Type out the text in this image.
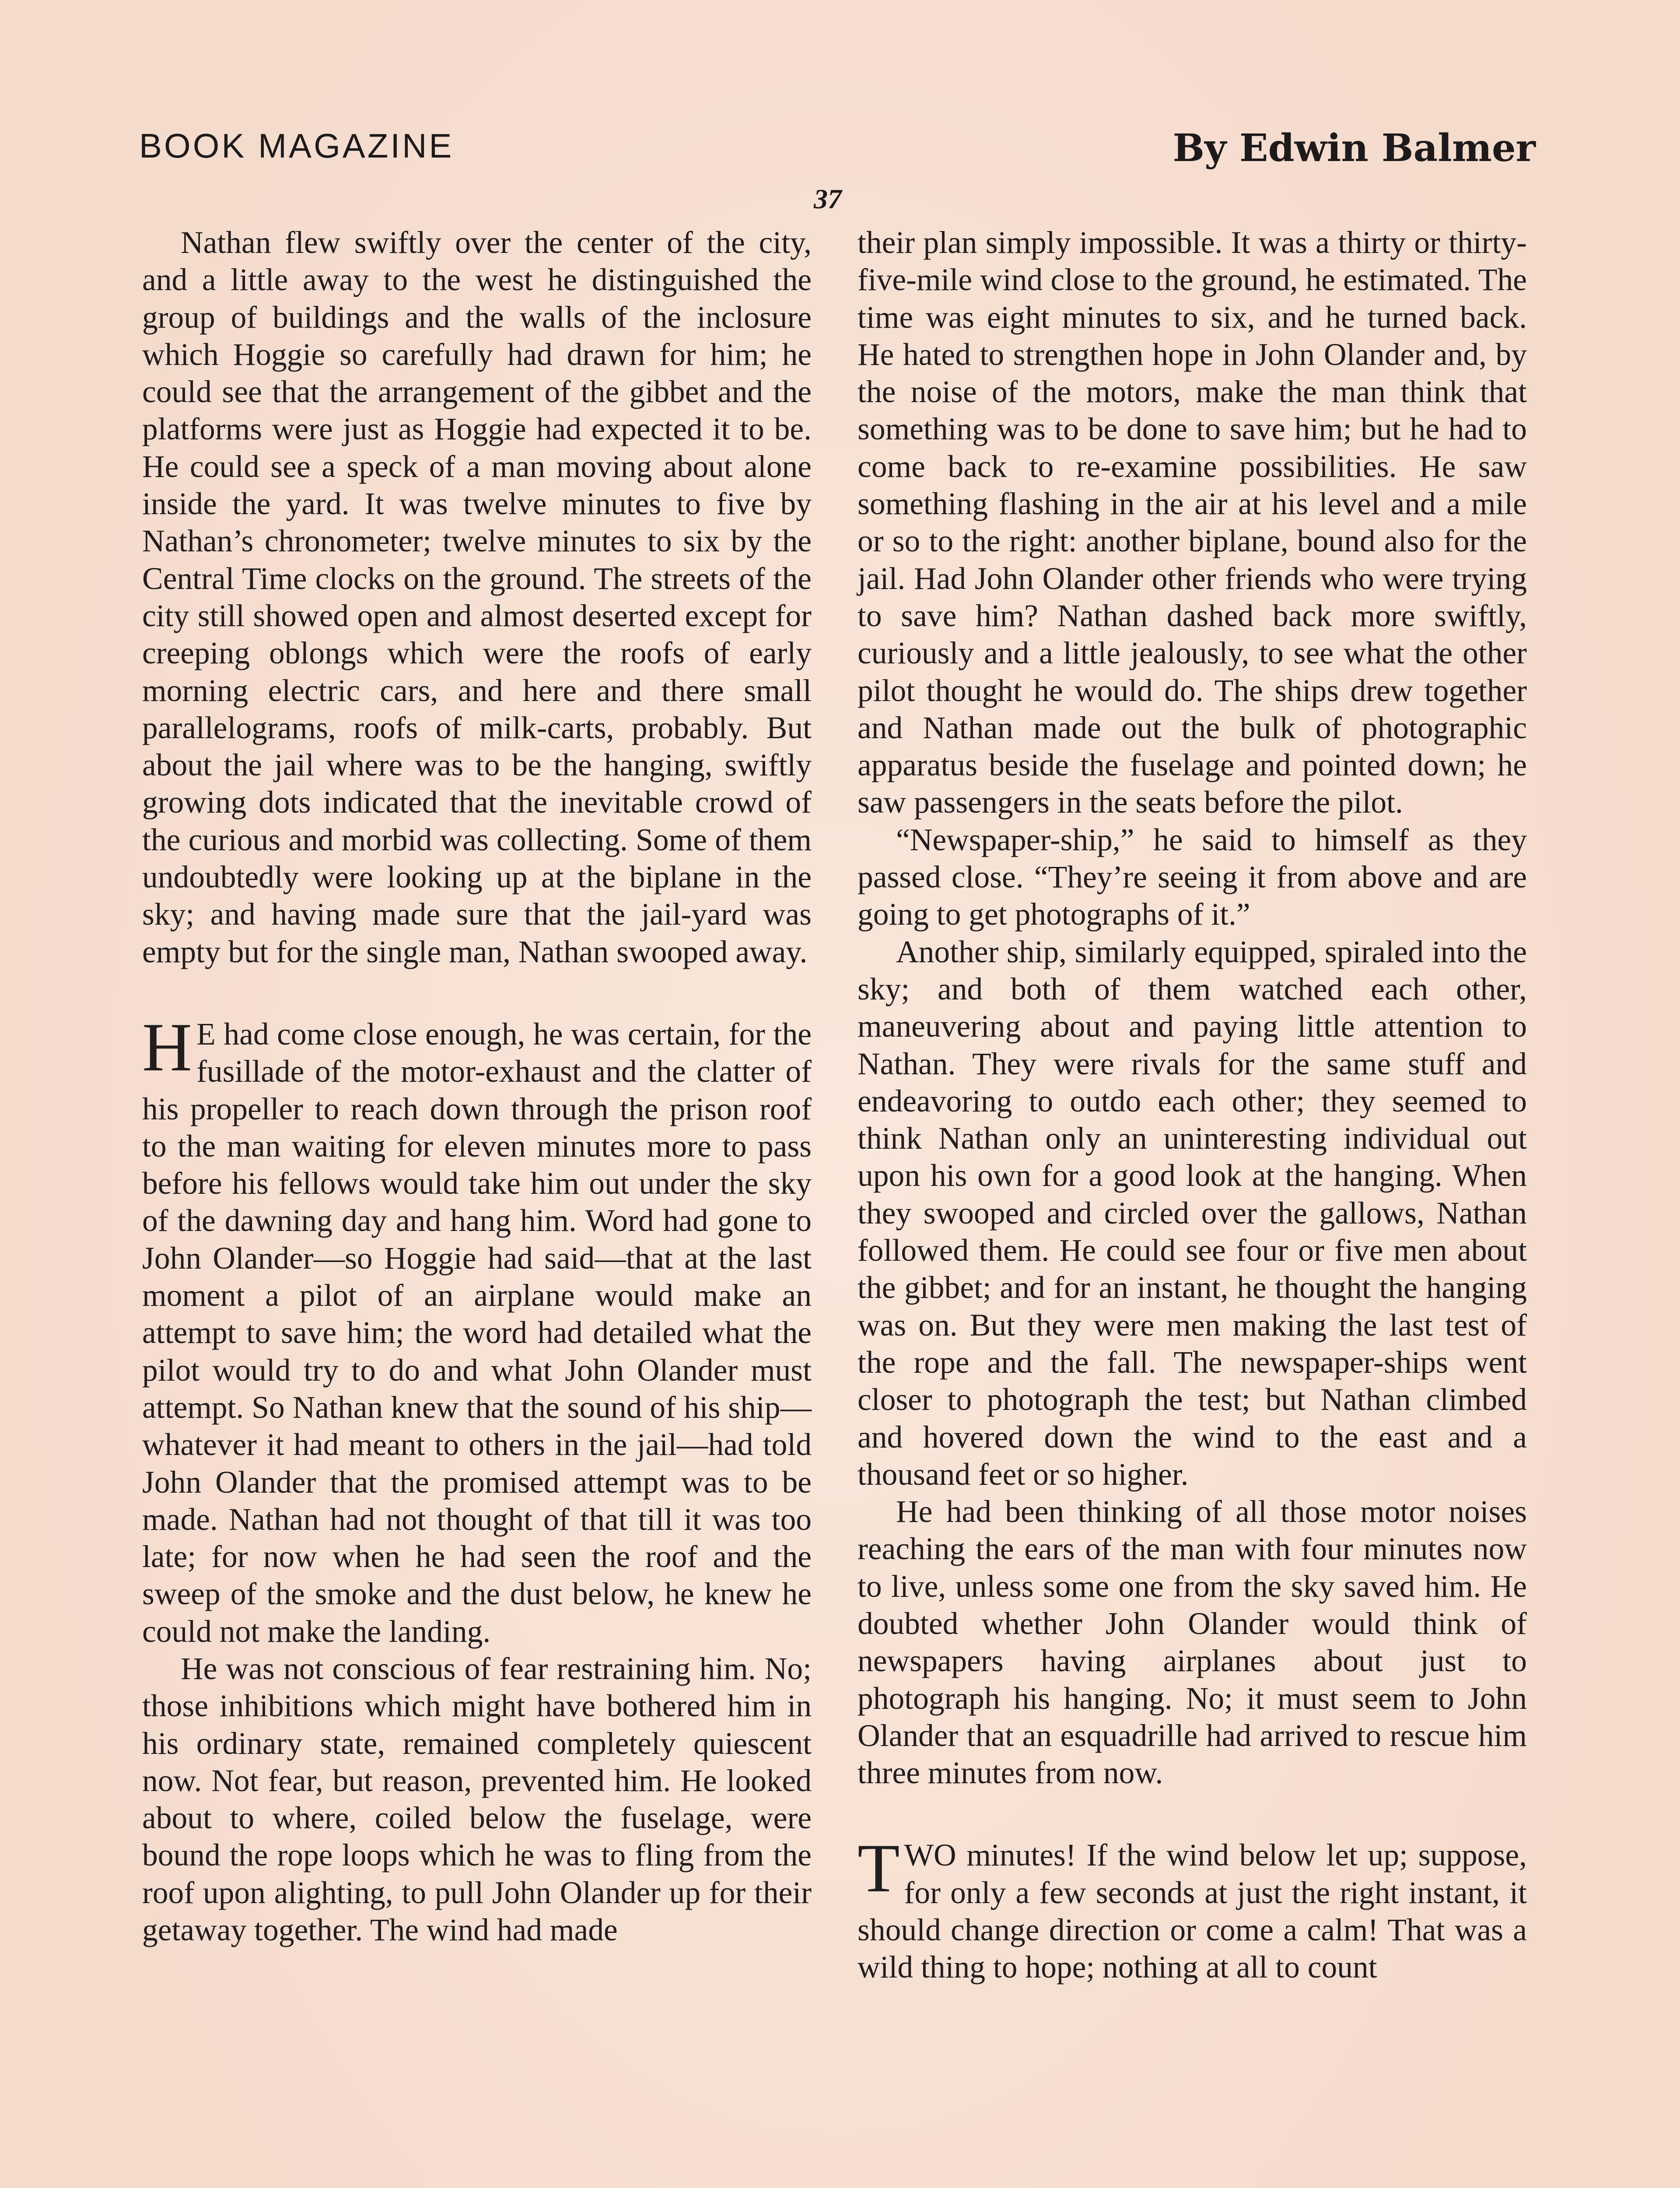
BOOK MAGAZINE	By Edwin Balmer
37

Nathan flew swiftly over the center of the city, and a little away to the west he distinguished the group of buildings and the walls of the inclosure which Hoggie so carefully had drawn for him; he could see that the arrangement of the gibbet and the platforms were just as Hoggie had expected it to be. He could see a speck of a man moving about alone inside the yard. It was twelve minutes to five by Nathan’s chronometer; twelve minutes to six by the Central Time clocks on the ground. The streets of the city still showed open and almost deserted except for creeping oblongs which were the roofs of early morning electric cars, and here and there small parallelograms, roofs of milk-carts, probably. But about the jail where was to be the hanging, swiftly growing dots indicated that the inevitable crowd of the curious and morbid was collecting. Some of them undoubtedly were looking up at the biplane in the sky; and having made sure that the jail-yard was empty but for the single man, Nathan swooped away.

H E had come close enough, he was certain, for the fusillade of the motor-exhaust and the clatter of his propeller to reach down through the prison roof to the man waiting for eleven minutes more to pass before his fellows would take him out under the sky of the dawning day and hang him. Word had gone to John Olander—so Hoggie had said—that at the last moment a pilot of an airplane would make an attempt to save him; the word had detailed what the pilot would try to do and what John Olander must attempt. So Nathan knew that the sound of his ship—whatever it had meant to others in the jail—had told John Olander that the promised attempt was to be made. Nathan had not thought of that till it was too late; for now when he had seen the roof and the sweep of the smoke and the dust below, he knew he could not make the landing.

He was not conscious of fear restraining him. No; those inhibitions which might have bothered him in his ordinary state, remained completely quiescent now. Not fear, but reason, prevented him. He looked about to where, coiled below the fuselage, were bound the rope loops which he was to fling from the roof upon alighting, to pull John Olander up for their getaway together. The wind had made

their plan simply impossible. It was a thirty or thirty-five-mile wind close to the ground, he estimated. The time was eight minutes to six, and he turned back. He hated to strengthen hope in John Olander and, by the noise of the motors, make the man think that something was to be done to save him; but he had to come back to re-examine possibilities. He saw something flashing in the air at his level and a mile or so to the right: another biplane, bound also for the jail. Had John Olander other friends who were trying to save him? Nathan dashed back more swiftly, curiously and a little jealously, to see what the other pilot thought he would do. The ships drew together and Nathan made out the bulk of photographic apparatus beside the fuselage and pointed down; he saw passengers in the seats before the pilot.

“Newspaper-ship,” he said to himself as they passed close. “They’re seeing it from above and are going to get photographs of it.”

Another ship, similarly equipped, spiraled into the sky; and both of them watched each other, maneuvering about and paying little attention to Nathan. They were rivals for the same stuff and endeavoring to outdo each other; they seemed to think Nathan only an uninteresting individual out upon his own for a good look at the hanging. When they swooped and circled over the gallows, Nathan followed them. He could see four or five men about the gibbet; and for an instant, he thought the hanging was on. But they were men making the last test of the rope and the fall. The newspaper-ships went closer to photograph the test; but Nathan climbed and hovered down the wind to the east and a thousand feet or so higher.

He had been thinking of all those motor noises reaching the ears of the man with four minutes now to live, unless some one from the sky saved him. He doubted whether John Olander would think of newspapers having airplanes about just to photograph his hanging. No; it must seem to John Olander that an esquadrille had arrived to rescue him three minutes from now.

TWO minutes! If the wind below let up; suppose, for only a few seconds at just the right instant, it should change direction or come a calm! That was a wild thing to hope; nothing at all to count
